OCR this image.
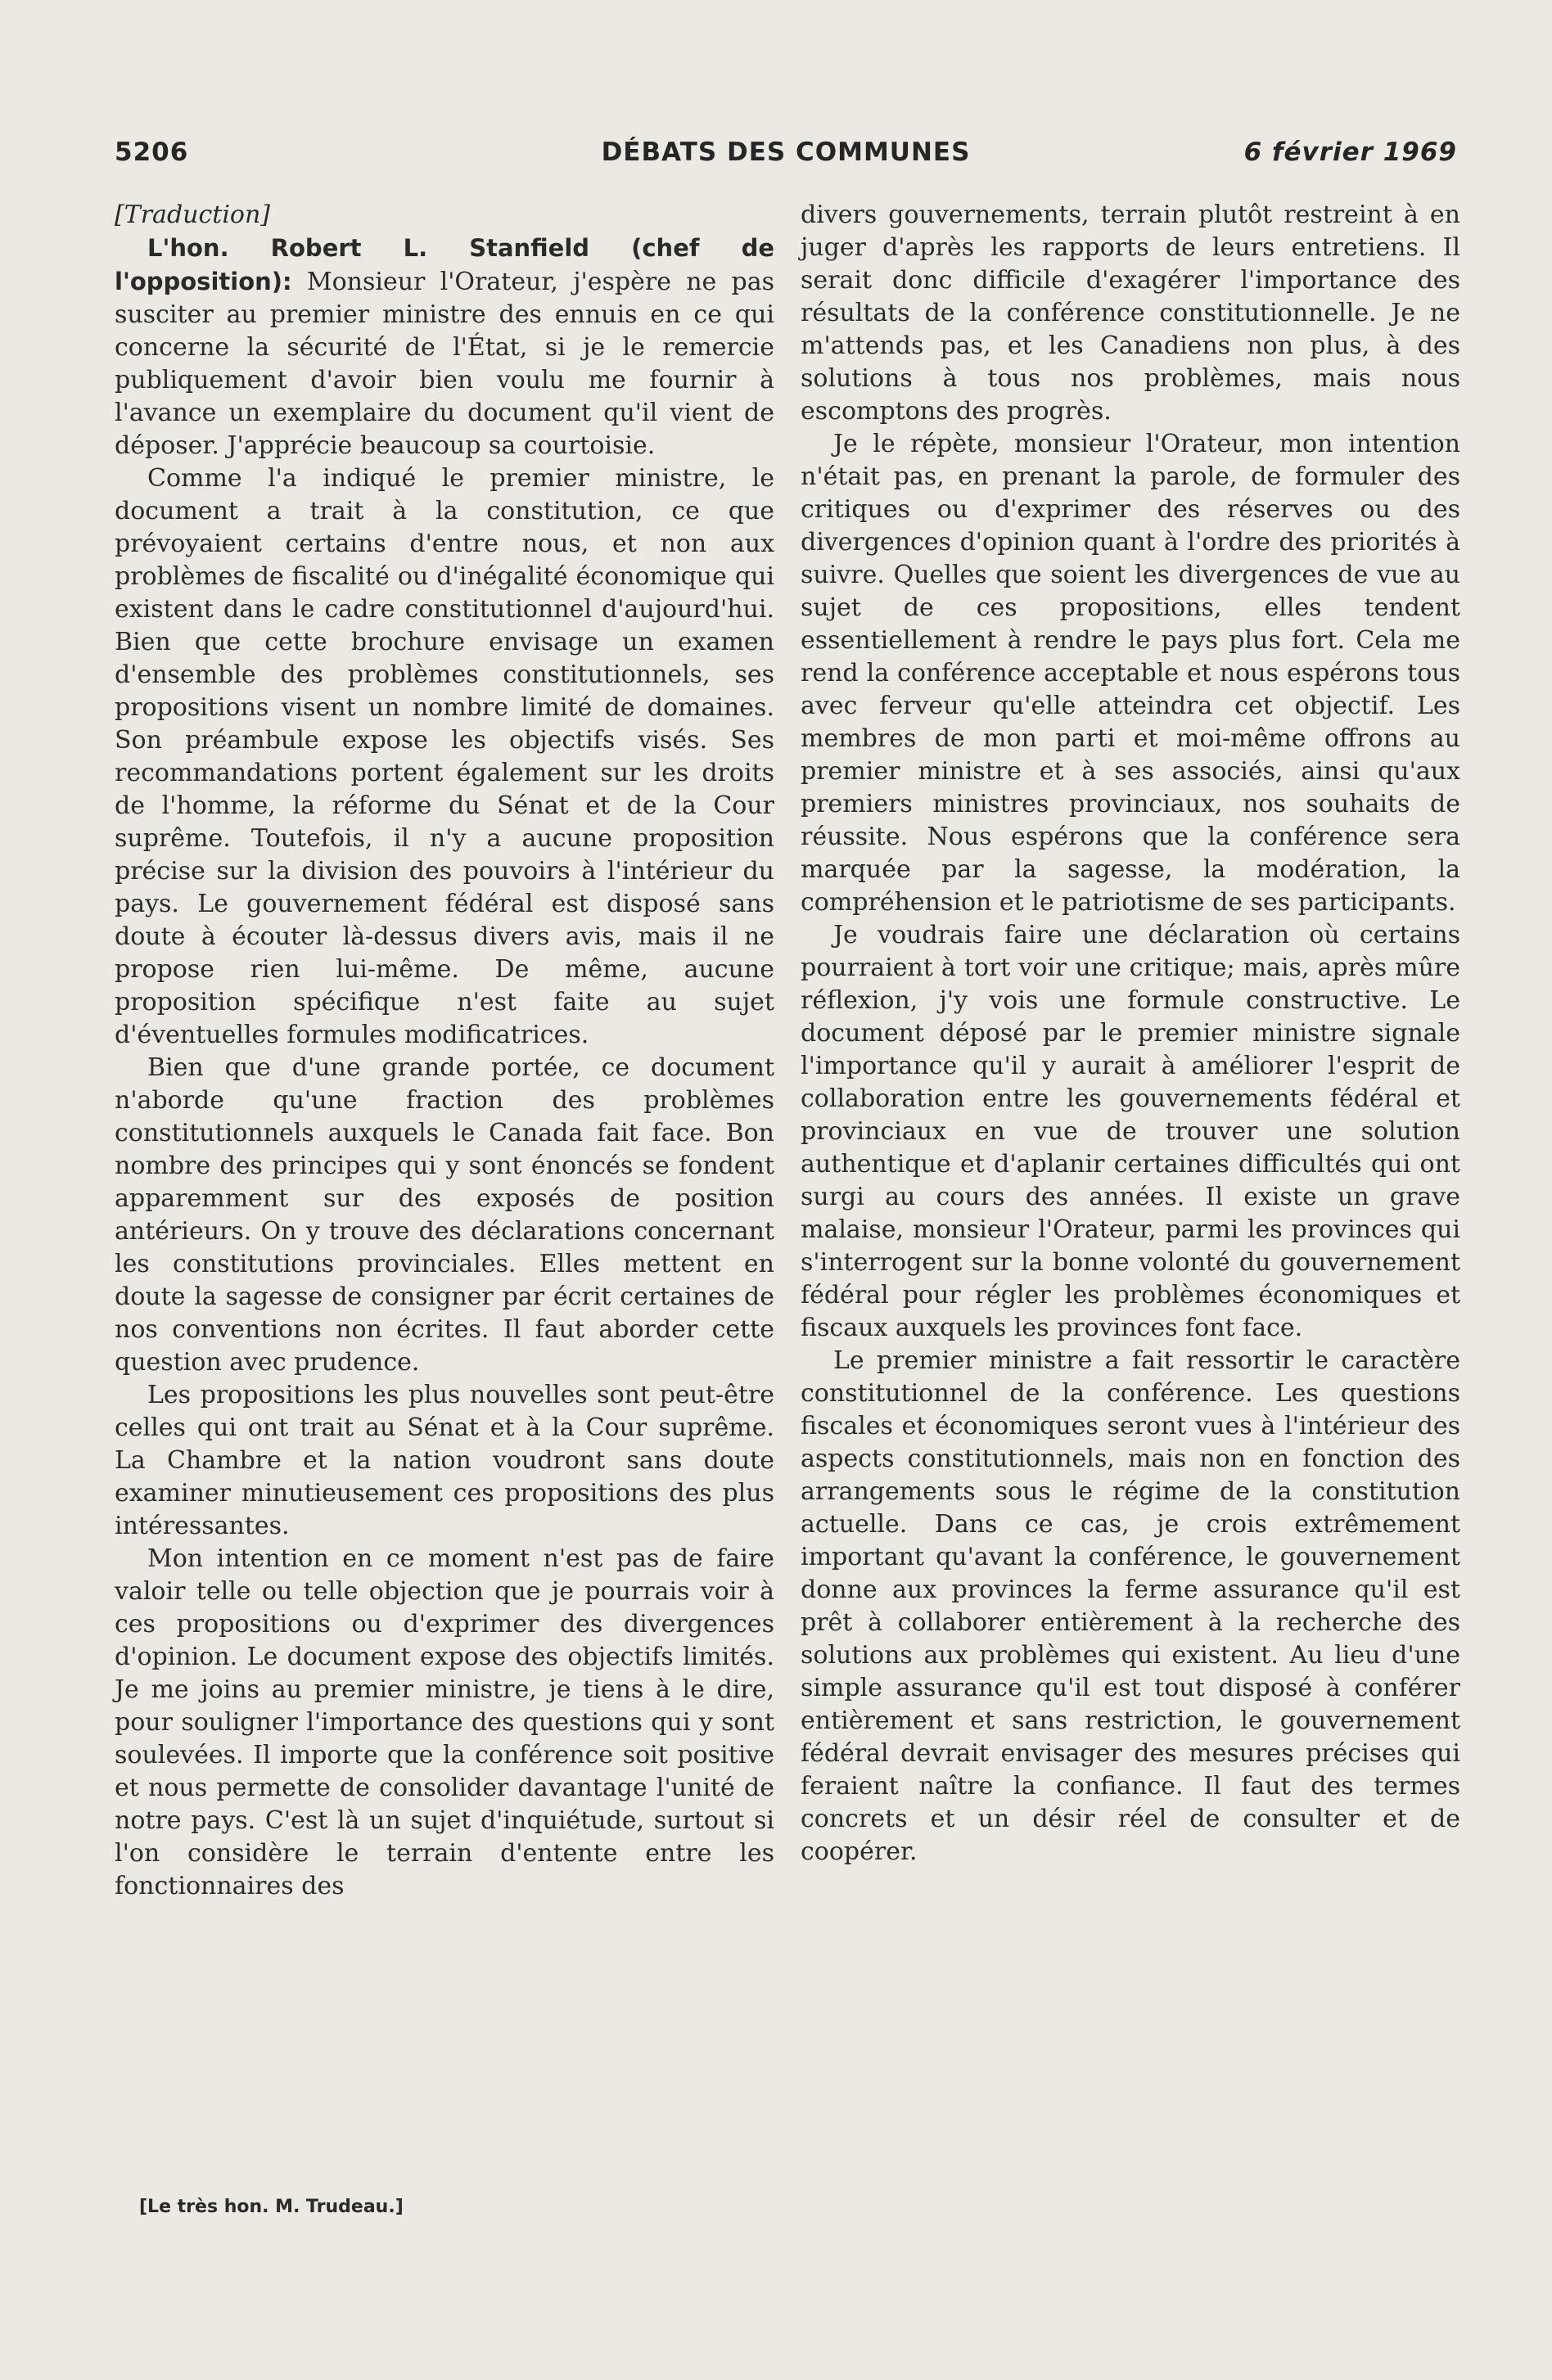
5206	DÉBATS DES COMMUNES	6 février 1969

[Traduction]

L'hon. Robert L. Stanfield (chef de l'opposition): Monsieur l'Orateur, j'espère ne pas susciter au premier ministre des ennuis en ce qui concerne la sécurité de l'État, si je le remercie publiquement d'avoir bien voulu me fournir à l'avance un exemplaire du document qu'il vient de déposer. J'apprécie beaucoup sa courtoisie.

Comme l'a indiqué le premier ministre, le document a trait à la constitution, ce que prévoyaient certains d'entre nous, et non aux problèmes de fiscalité ou d'inégalité économique qui existent dans le cadre constitutionnel d'aujourd'hui. Bien que cette brochure envisage un examen d'ensemble des problèmes constitutionnels, ses propositions visent un nombre limité de domaines. Son préambule expose les objectifs visés. Ses recommandations portent également sur les droits de l'homme, la réforme du Sénat et de la Cour suprême. Toutefois, il n'y a aucune proposition précise sur la division des pouvoirs à l'intérieur du pays. Le gouvernement fédéral est disposé sans doute à écouter là-dessus divers avis, mais il ne propose rien lui-même. De même, aucune proposition spécifique n'est faite au sujet d'éventuelles formules modificatrices.

Bien que d'une grande portée, ce document n'aborde qu'une fraction des problèmes constitutionnels auxquels le Canada fait face. Bon nombre des principes qui y sont énoncés se fondent apparemment sur des exposés de position antérieurs. On y trouve des déclarations concernant les constitutions provinciales. Elles mettent en doute la sagesse de consigner par écrit certaines de nos conventions non écrites. Il faut aborder cette question avec prudence.

Les propositions les plus nouvelles sont peut-être celles qui ont trait au Sénat et à la Cour suprême. La Chambre et la nation voudront sans doute examiner minutieusement ces propositions des plus intéressantes.

Mon intention en ce moment n'est pas de faire valoir telle ou telle objection que je pourrais voir à ces propositions ou d'exprimer des divergences d'opinion. Le document expose des objectifs limités. Je me joins au premier ministre, je tiens à le dire, pour souligner l'importance des questions qui y sont soulevées. Il importe que la conférence soit positive et nous permette de consolider davantage l'unité de notre pays. C'est là un sujet d'inquiétude, surtout si l'on considère le terrain d'entente entre les fonctionnaires des

divers gouvernements, terrain plutôt restreint à en juger d'après les rapports de leurs entretiens. Il serait donc difficile d'exagérer l'importance des résultats de la conférence constitutionnelle. Je ne m'attends pas, et les Canadiens non plus, à des solutions à tous nos problèmes, mais nous escomptons des progrès.

Je le répète, monsieur l'Orateur, mon intention n'était pas, en prenant la parole, de formuler des critiques ou d'exprimer des réserves ou des divergences d'opinion quant à l'ordre des priorités à suivre. Quelles que soient les divergences de vue au sujet de ces propositions, elles tendent essentiellement à rendre le pays plus fort. Cela me rend la conférence acceptable et nous espérons tous avec ferveur qu'elle atteindra cet objectif. Les membres de mon parti et moi-même offrons au premier ministre et à ses associés, ainsi qu'aux premiers ministres provinciaux, nos souhaits de réussite. Nous espérons que la conférence sera marquée par la sagesse, la modération, la compréhension et le patriotisme de ses participants.

Je voudrais faire une déclaration où certains pourraient à tort voir une critique; mais, après mûre réflexion, j'y vois une formule constructive. Le document déposé par le premier ministre signale l'importance qu'il y aurait à améliorer l'esprit de collaboration entre les gouvernements fédéral et provinciaux en vue de trouver une solution authentique et d'aplanir certaines difficultés qui ont surgi au cours des années. Il existe un grave malaise, monsieur l'Orateur, parmi les provinces qui s'interrogent sur la bonne volonté du gouvernement fédéral pour régler les problèmes économiques et fiscaux auxquels les provinces font face.

Le premier ministre a fait ressortir le caractère constitutionnel de la conférence. Les questions fiscales et économiques seront vues à l'intérieur des aspects constitutionnels, mais non en fonction des arrangements sous le régime de la constitution actuelle. Dans ce cas, je crois extrêmement important qu'avant la conférence, le gouvernement donne aux provinces la ferme assurance qu'il est prêt à collaborer entièrement à la recherche des solutions aux problèmes qui existent. Au lieu d'une simple assurance qu'il est tout disposé à conférer entièrement et sans restriction, le gouvernement fédéral devrait envisager des mesures précises qui feraient naître la confiance. Il faut des termes concrets et un désir réel de consulter et de coopérer.

[Le très hon. M. Trudeau.]
